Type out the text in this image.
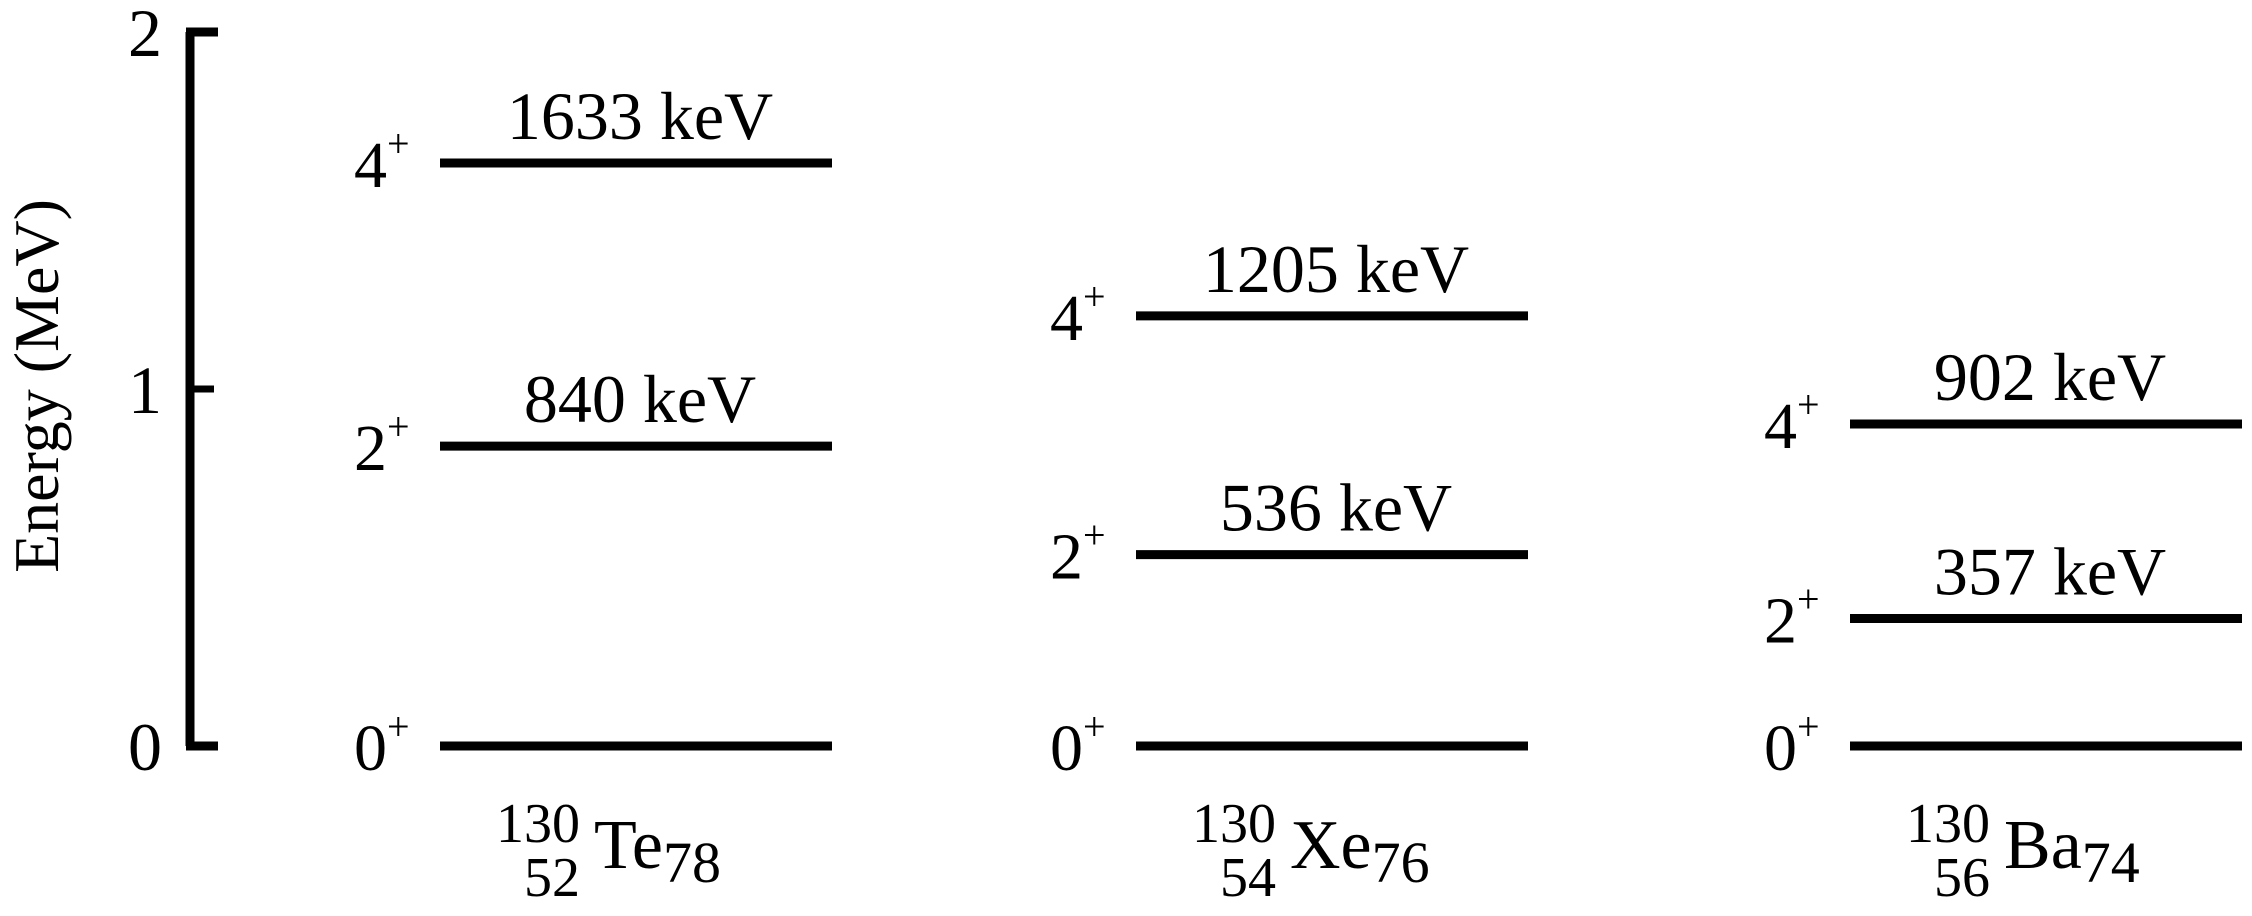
0
1
2
Energy (MeV)
0+
2+ 840 keV
4+ 1633 keV
130
52 $Te_{78}$
0+
2+ 536 keV
4+ 1205 keV
130
54 $Xe_{76}$
0+
2+ 357 keV
4+ 902 keV
130
56 $Ba_{74}$
